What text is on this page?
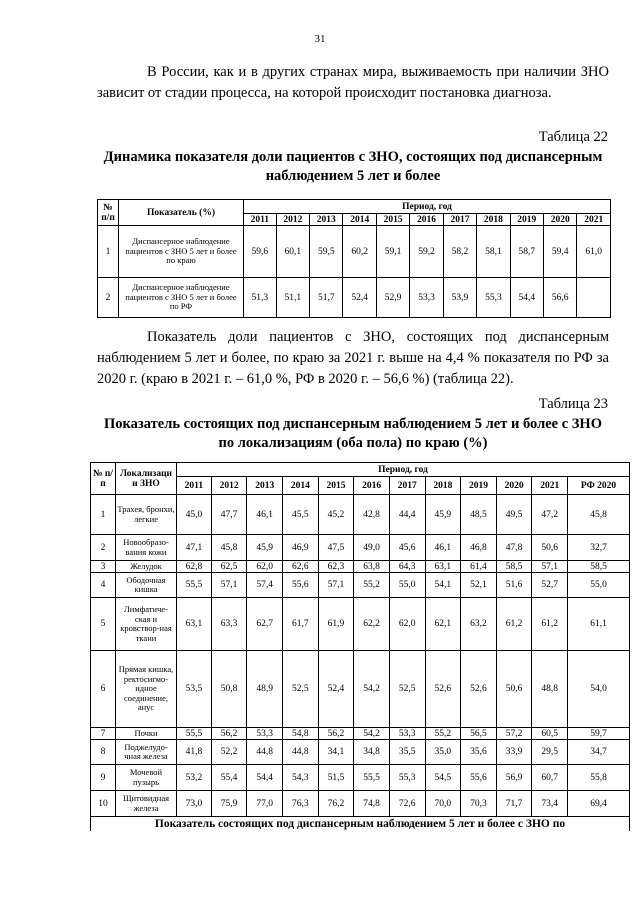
31

В России, как и в других странах мира, выживаемость при наличии ЗНО зависит от стадии процесса, на которой происходит постановка диагноза.

Таблица 22

Динамика показателя доли пациентов с ЗНО, состоящих под диспансерным наблюдением 5 лет и более

№ п/п	Показатель (%)	Период, год										
		2011	2012	2013	2014	2015	2016	2017	2018	2019	2020	2021
1	Диспансерное наблюдение пациентов с ЗНО 5 лет и более по краю	59,6	60,1	59,5	60,2	59,1	59,2	58,2	58,1	58,7	59,4	61,0
2	Диспансерное наблюдение пациентов с ЗНО 5 лет и более по РФ	51,3	51,1	51,7	52,4	52,9	53,3	53,9	55,3	54,4	56,6	

Показатель доли пациентов с ЗНО, состоящих под диспансерным наблюдением 5 лет и более, по краю за 2021 г. выше на 4,4 % показателя по РФ за 2020 г. (краю в 2021 г. – 61,0 %, РФ в 2020 г. – 56,6 %) (таблица 22).

Таблица 23

Показатель состоящих под диспансерным наблюдением 5 лет и более с ЗНО по локализациям (оба пола) по краю (%)

№ п/п	Локализаци и ЗНО	Период, год											
		2011	2012	2013	2014	2015	2016	2017	2018	2019	2020	2021	РФ 2020
1	Трахея, бронхи, легкие	45,0	47,7	46,1	45,5	45,2	42,8	44,4	45,9	48,5	49,5	47,2	45,8
2	Новообразо-вания кожи	47,1	45,8	45,9	46,9	47,5	49,0	45,6	46,1	46,8	47,8	50,6	32,7
3	Желудок	62,8	62,5	62,0	62,6	62,3	63,8	64,3	63,1	61,4	58,5	57,1	58,5
4	Ободочная кишка	55,5	57,1	57,4	55,6	57,1	55,2	55,0	54,1	52,1	51,6	52,7	55,0
5	Лимфатиче-ская и кровствор-ная ткани	63,1	63,3	62,7	61,7	61,9	62,2	62,0	62,1	63,2	61,2	61,2	61,1
6	Прямая кишка, ректосигмо-идное соединение, анус	53,5	50,8	48,9	52,5	52,4	54,2	52,5	52,6	52,6	50,6	48,8	54,0
7	Почки	55,5	56,2	53,3	54,8	56,2	54,2	53,3	55,2	56,5	57,2	60,5	59,7
8	Поджелудо-чная железа	41,8	52,2	44,8	44,8	34,1	34,8	35,5	35,0	35,6	33,9	29,5	34,7
9	Мочевой пузырь	53,2	55,4	54,4	54,3	51,5	55,5	55,3	54,5	55,6	56,9	60,7	55,8
10	Щитовидная железа	73,0	75,9	77,0	76,3	76,2	74,8	72,6	70,0	70,3	71,7	73,4	69,4
Показатель состоящих под диспансерным наблюдением 5 лет и более с ЗНО по													
